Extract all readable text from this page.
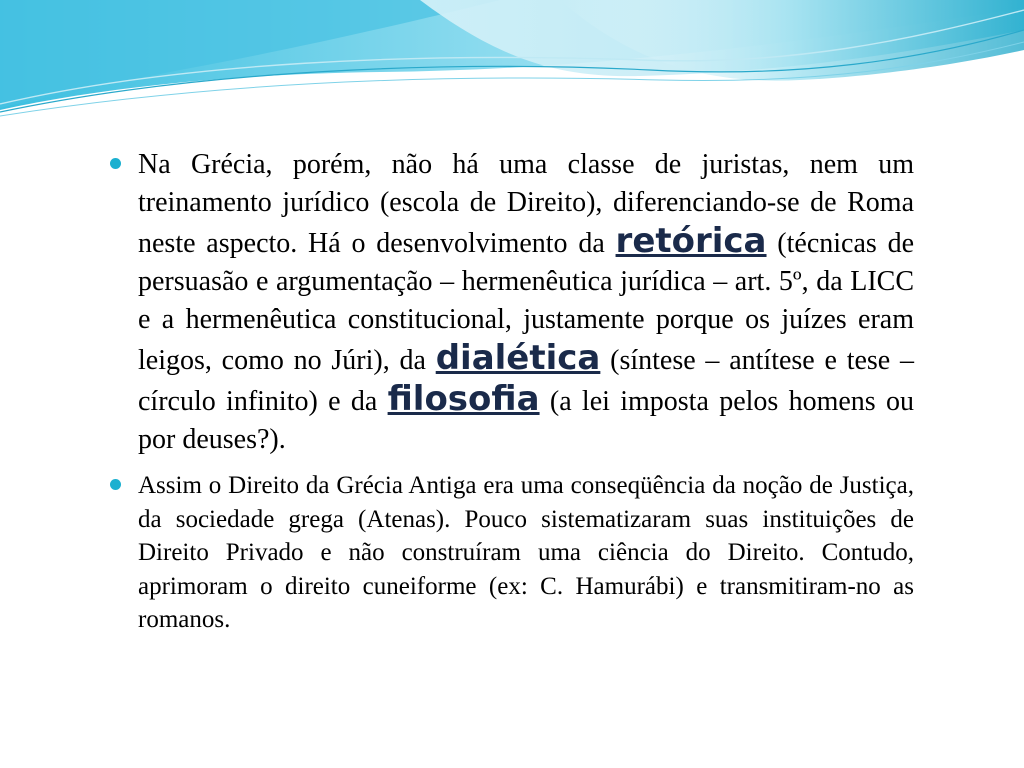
Na Grécia, porém, não há uma classe de juristas, nem um treinamento jurídico (escola de Direito), diferenciando-se de Roma neste aspecto. Há o desenvolvimento da retórica (técnicas de persuasão e argumentação – hermenêutica jurídica – art. 5º, da LICC e a hermenêutica constitucional, justamente porque os juízes eram leigos, como no Júri), da dialética (síntese – antítese e tese – círculo infinito) e da filosofia (a lei imposta pelos homens ou por deuses?).
Assim o Direito da Grécia Antiga era uma conseqüência da noção de Justiça, da sociedade grega (Atenas). Pouco sistematizaram suas instituições de Direito Privado e não construíram uma ciência do Direito. Contudo, aprimoram o direito cuneiforme (ex: C. Hamurábi) e transmitiram-no as romanos.
